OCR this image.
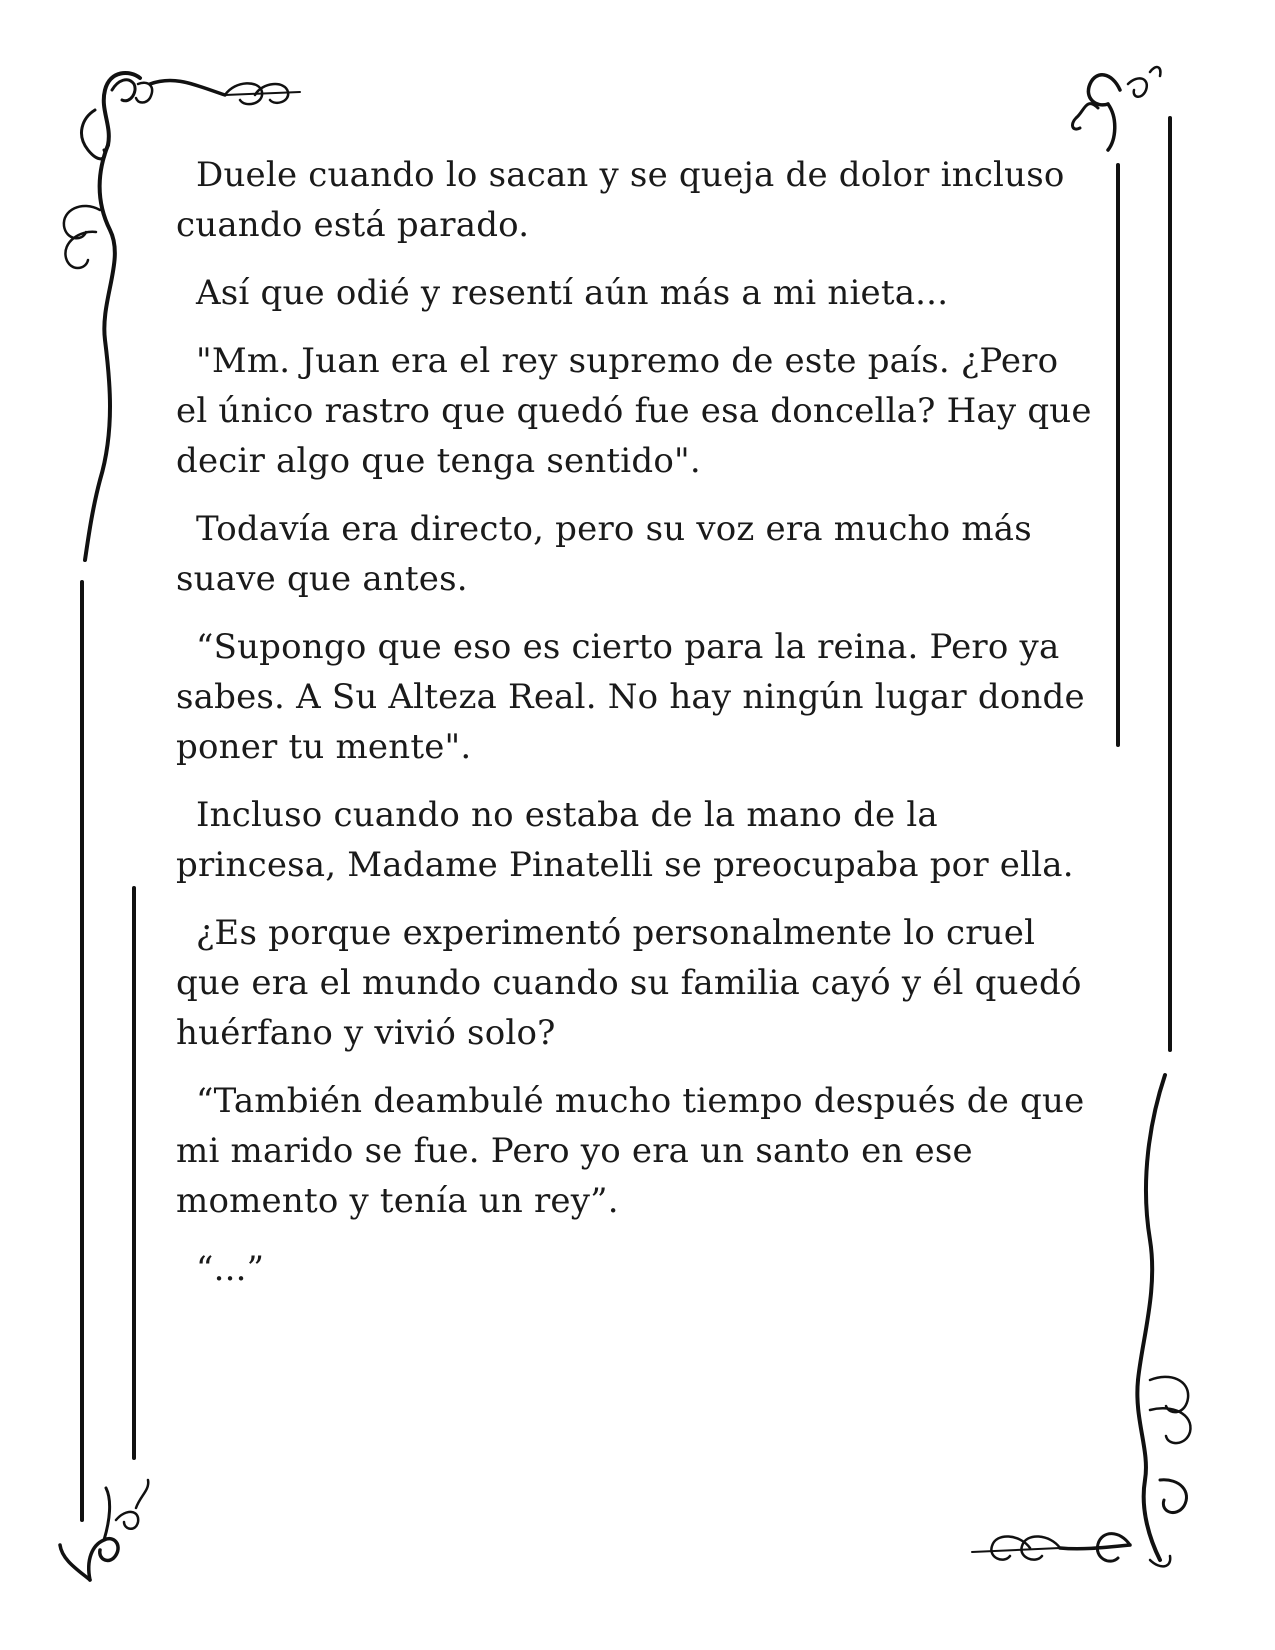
Duele cuando lo sacan y se queja de dolor incluso cuando está parado.

Así que odié y resentí aún más a mi nieta...

"Mm. Juan era el rey supremo de este país. ¿Pero el único rastro que quedó fue esa doncella? Hay que decir algo que tenga sentido".

Todavía era directo, pero su voz era mucho más suave que antes.

“Supongo que eso es cierto para la reina. Pero ya sabes. A Su Alteza Real. No hay ningún lugar donde poner tu mente".

Incluso cuando no estaba de la mano de la princesa, Madame Pinatelli se preocupaba por ella.

¿Es porque experimentó personalmente lo cruel que era el mundo cuando su familia cayó y él quedó huérfano y vivió solo?

“También deambulé mucho tiempo después de que mi marido se fue. Pero yo era un santo en ese momento y tenía un rey”.

“...”
